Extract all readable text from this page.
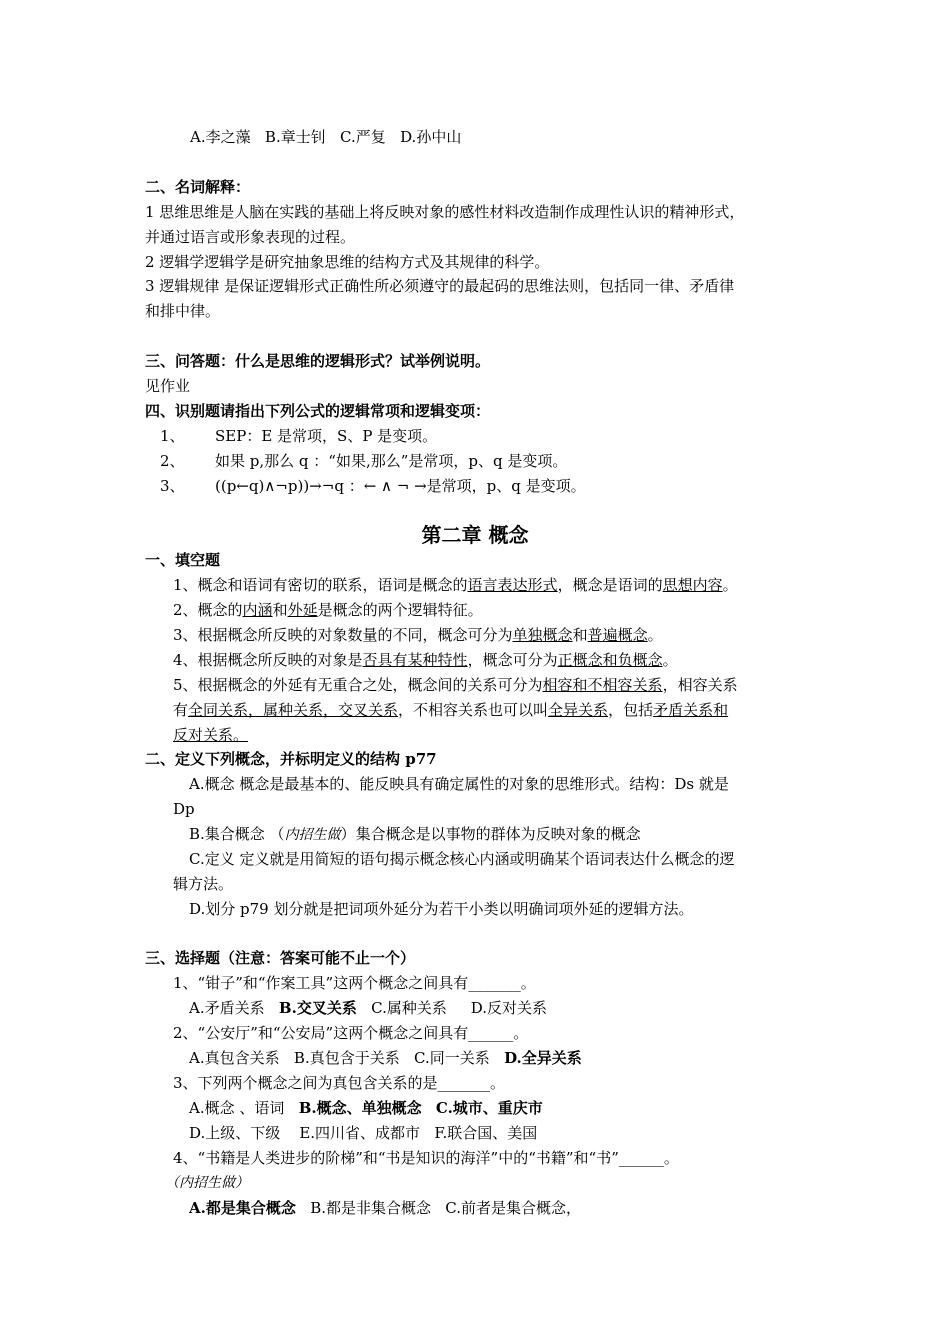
A.李之藻 B.章士钊 C.严复 D.孙中山
二、名词解释：
1 思维思维是人脑在实践的基础上将反映对象的感性材料改造制作成理性认识的精神形式，
并通过语言或形象表现的过程。
2 逻辑学逻辑学是研究抽象思维的结构方式及其规律的科学。
3 逻辑规律 是保证逻辑形式正确性所必须遵守的最起码的思维法则，包括同一律、矛盾律
和排中律。
三、问答题：什么是思维的逻辑形式？试举例说明。
见作业
四、识别题请指出下列公式的逻辑常项和逻辑变项：
1、 SEP：E 是常项，S、P 是变项。
2、 如果 p,那么 q ：“如果,那么”是常项，p、q 是变项。
3、 ((p←q)∧¬p))→¬q ：← ∧ ¬ →是常项，p、q 是变项。
第二章 概念
一、填空题
1、概念和语词有密切的联系，语词是概念的语言表达形式，概念是语词的思想内容。
2、概念的内涵和外延是概念的两个逻辑特征。
3、根据概念所反映的对象数量的不同，概念可分为单独概念和普遍概念。
4、根据概念所反映的对象是否具有某种特性，概念可分为正概念和负概念。
5、根据概念的外延有无重合之处，概念间的关系可分为相容和不相容关系，相容关系
有全同关系，属种关系，交叉关系，不相容关系也可以叫全异关系，包括矛盾关系和
反对关系。
二、定义下列概念，并标明定义的结构 p77
A.概念 概念是最基本的、能反映具有确定属性的对象的思维形式。结构：Ds 就是
Dp
B.集合概念 （内招生做）集合概念是以事物的群体为反映对象的概念
C.定义 定义就是用简短的语句揭示概念核心内涵或明确某个语词表达什么概念的逻
辑方法。
D.划分 p79 划分就是把词项外延分为若干小类以明确词项外延的逻辑方法。
三、选择题（注意：答案可能不止一个）
1、“钳子”和“作案工具”这两个概念之间具有_______。
A.矛盾关系 B.交叉关系 C.属种关系 D.反对关系
2、“公安厅”和“公安局”这两个概念之间具有______。
A.真包含关系 B.真包含于关系 C.同一关系 D.全异关系
3、下列两个概念之间为真包含关系的是_______。
A.概念 、语词 B.概念、单独概念 C.城市、重庆市
D.上级、下级 E.四川省、成都市 F.联合国、美国
4、“书籍是人类进步的阶梯”和“书是知识的海洋”中的“书籍”和“书”______。
（内招生做）
A.都是集合概念 B.都是非集合概念 C.前者是集合概念，
